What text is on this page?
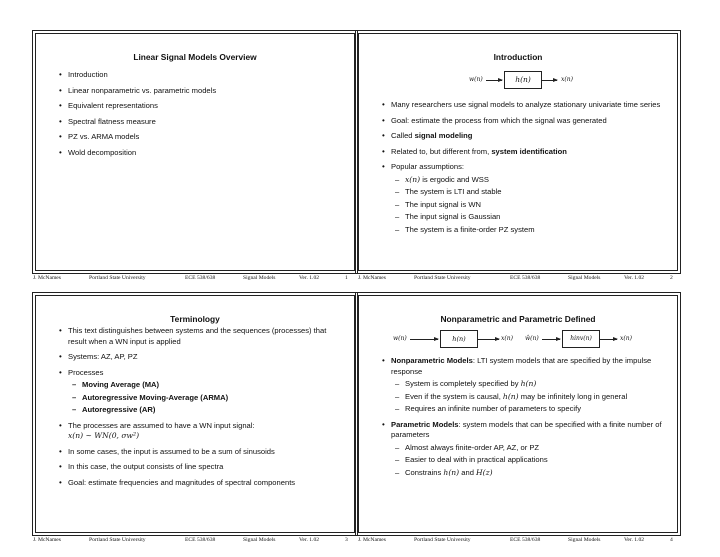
Linear Signal Models Overview
• Introduction
• Linear nonparametric vs. parametric models
• Equivalent representations
• Spectral flatness measure
• PZ vs. ARMA models
• Wold decomposition
Introduction
w(n)	h(n)	x(n)
• Many researchers use signal models to analyze stationary univariate time series
• Goal: estimate the process from which the signal was generated
• Called signal modeling
• Related to, but different from, system identification
• Popular assumptions:
– x(n) is ergodic and WSS
– The system is LTI and stable
– The input signal is WN
– The input signal is Gaussian
– The system is a finite-order PZ system
Terminology
• This text distinguishes between systems and the sequences (processes) that result when a WN input is applied
• Systems: AZ, AP, PZ
• Processes
– Moving Average (MA)
– Autoregressive Moving-Average (ARMA)
– Autoregressive (AR)
• The processes are assumed to have a WN input signal:
x(n) ~ WN(0, σw²)
• In some cases, the input is assumed to be a sum of sinusoids
• In this case, the output consists of line spectra
• Goal: estimate frequencies and magnitudes of spectral components
Nonparametric and Parametric Defined
w(n)	h(n)	x(n) ŵ(n)	hinv(n)	x(n)
• Nonparametric Models: LTI system models that are specified by the impulse response
– System is completely specified by h(n)
– Even if the system is causal, h(n) may be infinitely long in general
– Requires an infinite number of parameters to specify
• Parametric Models: system models that can be specified with a finite number of parameters
– Almost always finite-order AP, AZ, or PZ
– Easier to deal with in practical applications
– Constrains h(n) and H(z)
J. McNames	Portland State University	ECE 538/638	Signal Models	Ver. 1.02	1 J. McNames	Portland State University	ECE 538/638	Signal Models	Ver. 1.02	2
J. McNames	Portland State University	ECE 538/638	Signal Models	Ver. 1.02	3 J. McNames	Portland State University	ECE 538/638	Signal Models	Ver. 1.02	4
